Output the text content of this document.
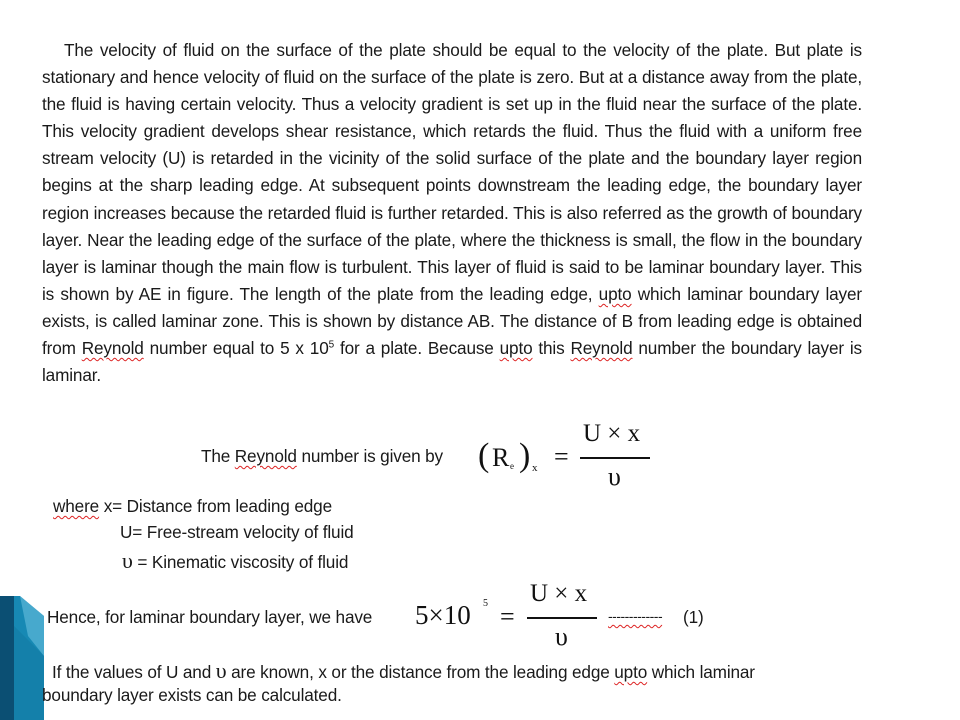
The velocity of fluid on the surface of the plate should be equal to the velocity of the plate. But plate is stationary and hence velocity of fluid on the surface of the plate is zero. But at a distance away from the plate, the fluid is having certain velocity. Thus a velocity gradient is set up in the fluid near the surface of the plate. This velocity gradient develops shear resistance, which retards the fluid. Thus the fluid with a uniform free stream velocity (U) is retarded in the vicinity of the solid surface of the plate and the boundary layer region begins at the sharp leading edge. At subsequent points downstream the leading edge, the boundary layer region increases because the retarded fluid is further retarded. This is also referred as the growth of boundary layer. Near the leading edge of the surface of the plate, where the thickness is small, the flow in the boundary layer is laminar though the main flow is turbulent. This layer of fluid is said to be laminar boundary layer. This is shown by AE in figure. The length of the plate from the leading edge, upto which laminar boundary layer exists, is called laminar zone. This is shown by distance AB. The distance of B from leading edge is obtained from Reynold number equal to 5 x $10^5$ for a plate. Because upto this Reynold number the boundary layer is laminar.

The Reynold number is given by ( R e ) x =
U × x
υ
where x= Distance from leading edge
U= Free-stream velocity of fluid
υ = Kinematic viscosity of fluid
Hence, for laminar boundary layer, we have 5×10 5 =
U × x
υ
------------- (1)
If the values of U and υ are known, x or the distance from the leading edge upto which laminar
boundary layer exists can be calculated.
